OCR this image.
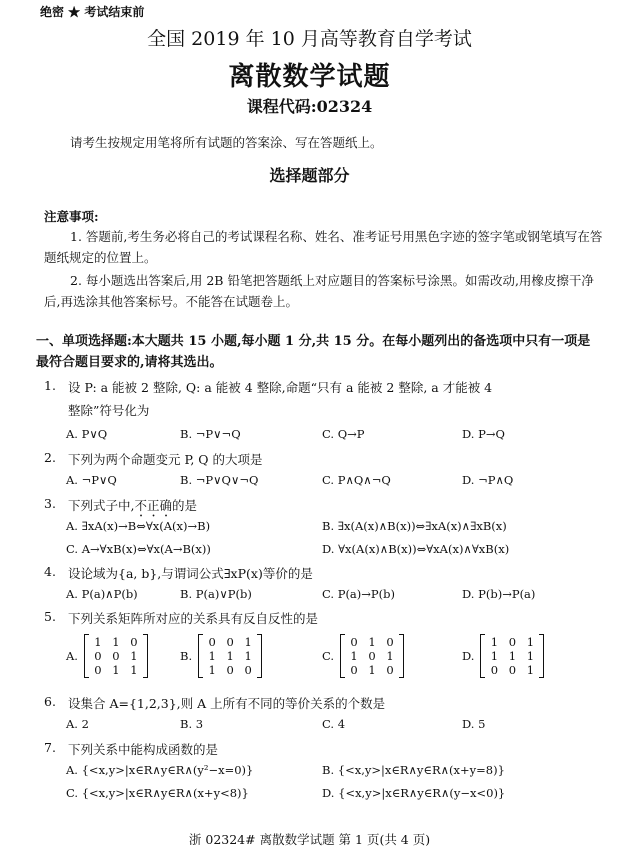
绝密 ★ 考试结束前
全国 2019 年 10 月高等教育自学考试
离散数学试题
课程代码:02324
请考生按规定用笔将所有试题的答案涂、写在答题纸上。
选择题部分
注意事项:
1. 答题前,考生务必将自己的考试课程名称、姓名、准考证号用黑色字迹的签字笔或钢笔填写在答题纸规定的位置上。
2. 每小题选出答案后,用 2B 铅笔把答题纸上对应题目的答案标号涂黑。如需改动,用橡皮擦干净后,再选涂其他答案标号。不能答在试题卷上。
一、单项选择题:本大题共 15 小题,每小题 1 分,共 15 分。在每小题列出的备选项中只有一项是最符合题目要求的,请将其选出。
1. 设 P: a 能被 2 整除, Q: a 能被 4 整除,命题“只有 a 能被 2 整除, a 才能被 4
整除”符号化为
A. P∨Q	B. ¬P∨¬Q	C. Q→P	D. P→Q
2. 下列为两个命题变元 P, Q 的大项是
A. ¬P∨Q	B. ¬P∨Q∨¬Q	C. P∧Q∧¬Q	D. ¬P∧Q
3. 下列式子中,不正确的是
A. ∃xA(x)→B⇔∀x(A(x)→B)	B. ∃x(A(x)∧B(x))⇔∃xA(x)∧∃xB(x)
C. A→∀xB(x)⇔∀x(A→B(x))	D. ∀x(A(x)∧B(x))⇔∀xA(x)∧∀xB(x)
4. 设论域为{a, b},与谓词公式∃xP(x)等价的是
A. P(a)∧P(b)	B. P(a)∨P(b)	C. P(a)→P(b)	D. P(b)→P(a)
5. 下列关系矩阵所对应的关系具有反自反性的是
A.
1 1 0
0 0 1
0 1 1
B.
0 0 1
1 1 1
1 0 0
C.
0 1 0
1 0 1
0 1 0
D.
1 0 1
1 1 1
0 0 1
6. 设集合 A={1,2,3},则 A 上所有不同的等价关系的个数是
A. 2	B. 3	C. 4	D. 5
7. 下列关系中能构成函数的是
A. {<x,y>|x∈R∧y∈R∧(y²−x=0)}	B. {<x,y>|x∈R∧y∈R∧(x+y=8)}
C. {<x,y>|x∈R∧y∈R∧(x+y<8)}	D. {<x,y>|x∈R∧y∈R∧(y−x<0)}
浙 02324# 离散数学试题 第 1 页(共 4 页)
